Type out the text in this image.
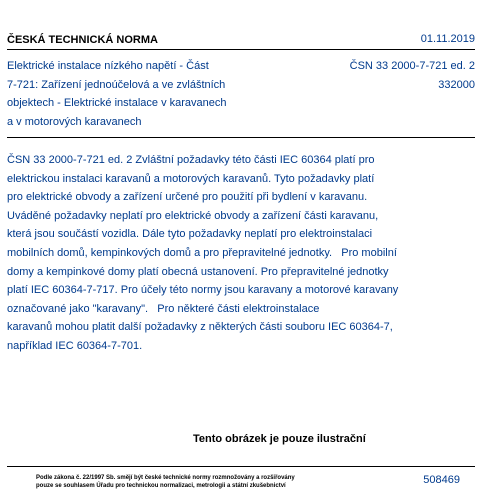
ČESKÁ TECHNICKÁ NORMA	01.11.2019
Elektrické instalace nízkého napětí - Část
7-721: Zařízení jednoúčelová a ve zvláštních
objektech - Elektrické instalace v karavanech
a v motorových karavanech
ČSN 33 2000-7-721 ed. 2
332000
ČSN 33 2000-7-721 ed. 2 Zvláštní požadavky této části IEC 60364 platí pro
elektrickou instalaci karavanů a motorových karavanů. Tyto požadavky platí
pro elektrické obvody a zařízení určené pro použití při bydlení v karavanu.
Uváděné požadavky neplatí pro elektrické obvody a zařízení části karavanu,
která jsou součástí vozidla. Dále tyto požadavky neplatí pro elektroinstalaci
mobilních domů, kempinkových domů a pro přepravitelné jednotky.   Pro mobilní
domy a kempinkové domy platí obecná ustanovení. Pro přepravitelné jednotky
platí IEC 60364-7-717. Pro účely této normy jsou karavany a motorové karavany
označované jako "karavany".   Pro některé části elektroinstalace
karavanů mohou platit další požadavky z některých části souboru IEC 60364-7,
například IEC 60364-7-701.
Tento obrázek je pouze ilustrační
Podle zákona č. 22/1997 Sb. smějí být české technické normy rozmnožovány a rozšiřovány
pouze se souhlasem Úřadu pro technickou normalizaci, metrologii a státní zkušebnictví	508469
